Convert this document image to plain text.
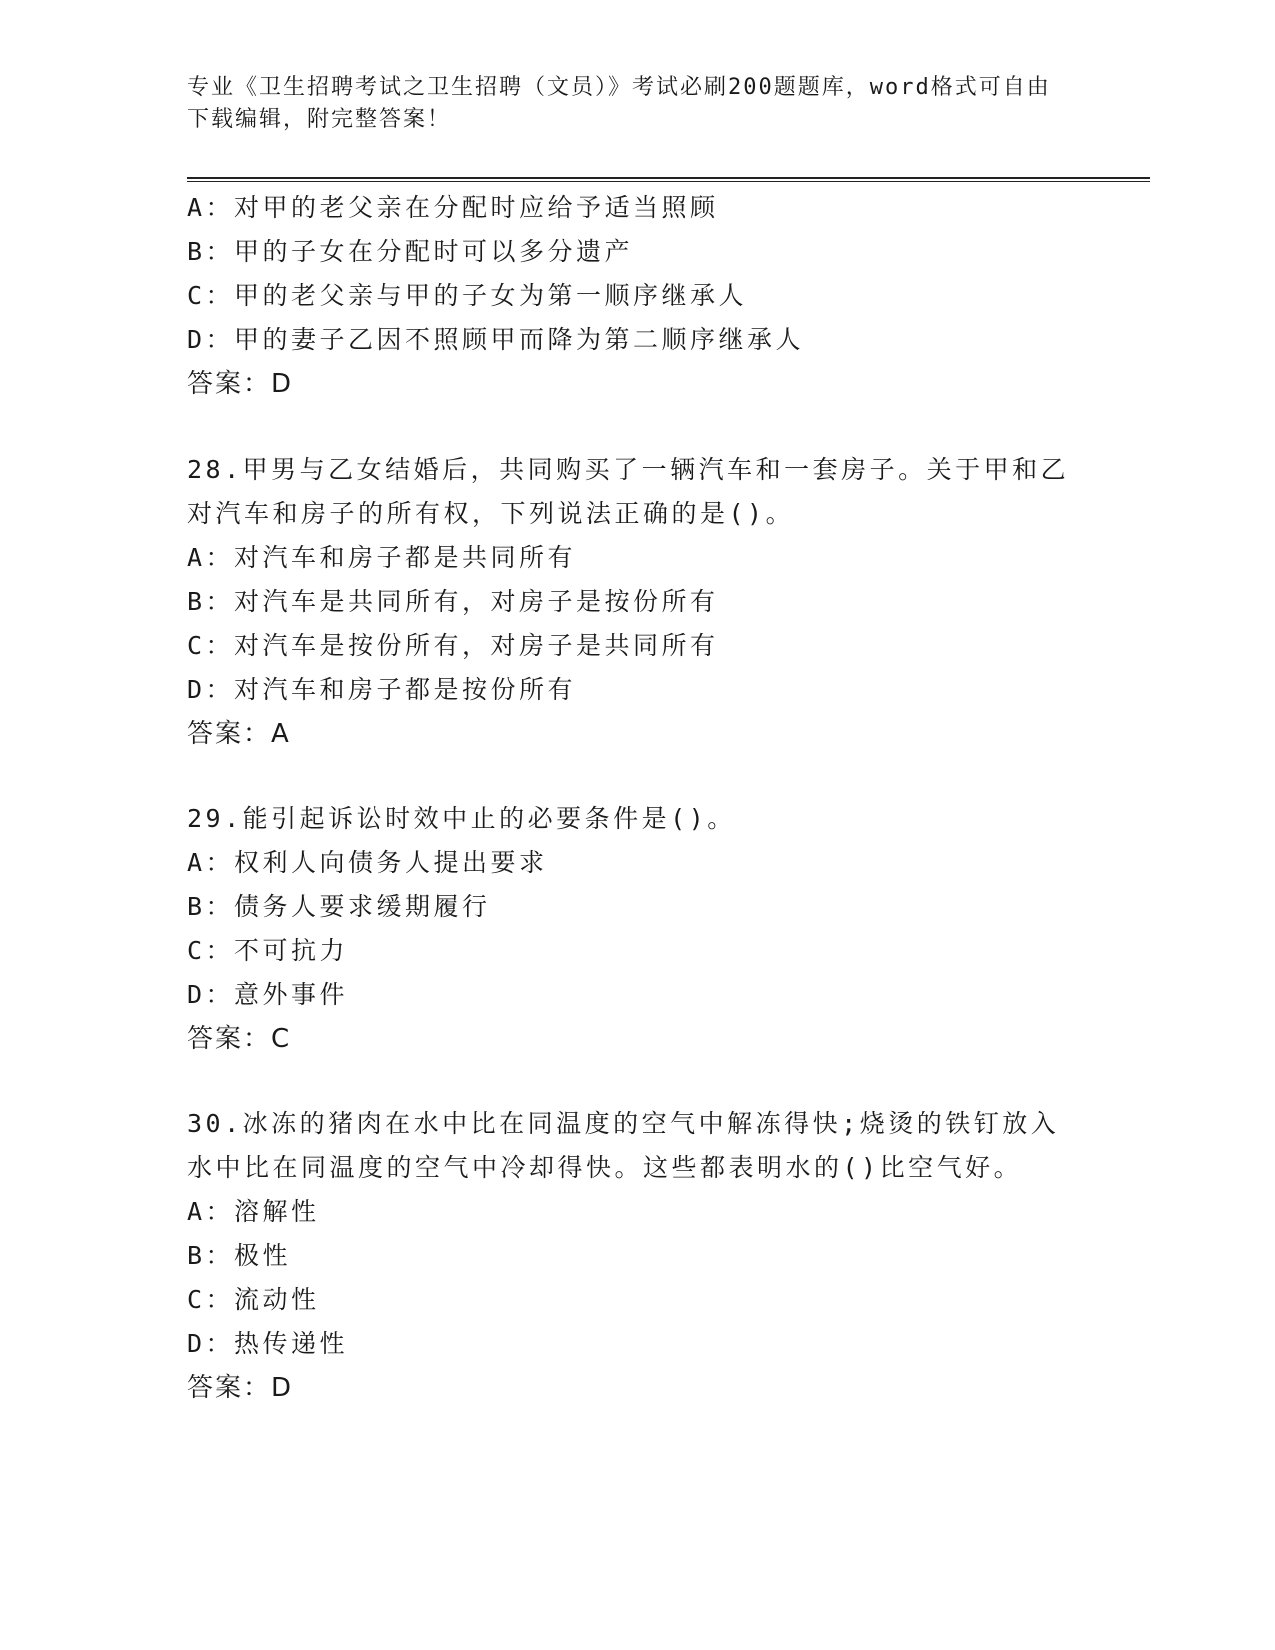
专业《卫生招聘考试之卫生招聘（文员）》考试必刷200题题库，word格式可自由下载编辑，附完整答案！
A：对甲的老父亲在分配时应给予适当照顾
B：甲的子女在分配时可以多分遗产
C：甲的老父亲与甲的子女为第一顺序继承人
D：甲的妻子乙因不照顾甲而降为第二顺序继承人
答案：D
28.甲男与乙女结婚后，共同购买了一辆汽车和一套房子。关于甲和乙
对汽车和房子的所有权，下列说法正确的是()。
A：对汽车和房子都是共同所有
B：对汽车是共同所有，对房子是按份所有
C：对汽车是按份所有，对房子是共同所有
D：对汽车和房子都是按份所有
答案：A
29.能引起诉讼时效中止的必要条件是()。
A：权利人向债务人提出要求
B：债务人要求缓期履行
C：不可抗力
D：意外事件
答案：C
30.冰冻的猪肉在水中比在同温度的空气中解冻得快;烧烫的铁钉放入
水中比在同温度的空气中冷却得快。这些都表明水的()比空气好。
A：溶解性
B：极性
C：流动性
D：热传递性
答案：D
